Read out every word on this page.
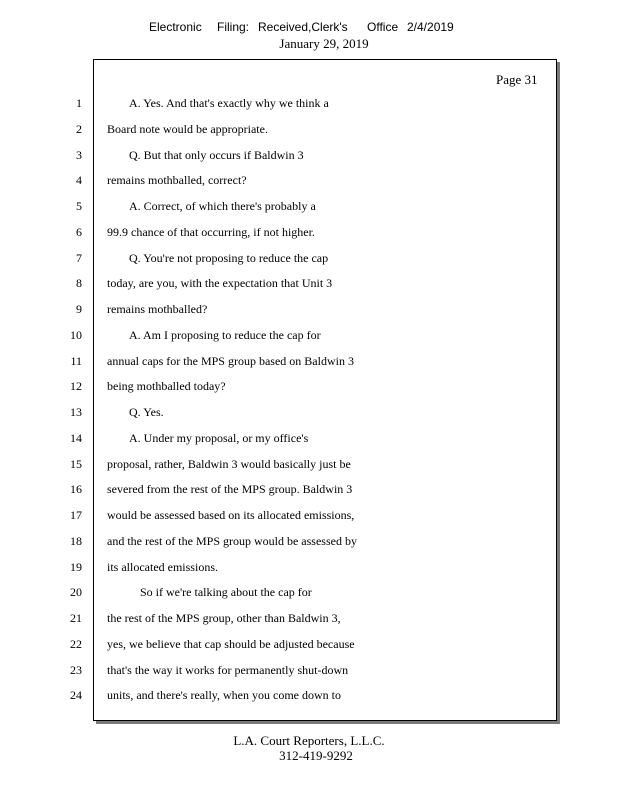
Electronic Filing: Received,Clerk's Office 2/4/2019
January 29, 2019
Page 31
1	A. Yes. And that's exactly why we think a
2 Board note would be appropriate.
3	Q. But that only occurs if Baldwin 3
4 remains mothballed, correct?
5	A. Correct, of which there's probably a
6 99.9 chance of that occurring, if not higher.
7	Q. You're not proposing to reduce the cap
8 today, are you, with the expectation that Unit 3
9 remains mothballed?
10	A. Am I proposing to reduce the cap for
11 annual caps for the MPS group based on Baldwin 3
12 being mothballed today?
13	Q. Yes.
14	A. Under my proposal, or my office's
15 proposal, rather, Baldwin 3 would basically just be
16 severed from the rest of the MPS group. Baldwin 3
17 would be assessed based on its allocated emissions,
18 and the rest of the MPS group would be assessed by
19 its allocated emissions.
20	So if we're talking about the cap for
21 the rest of the MPS group, other than Baldwin 3,
22 yes, we believe that cap should be adjusted because
23 that's the way it works for permanently shut-down
24 units, and there's really, when you come down to
L.A. Court Reporters, L.L.C.
312-419-9292
